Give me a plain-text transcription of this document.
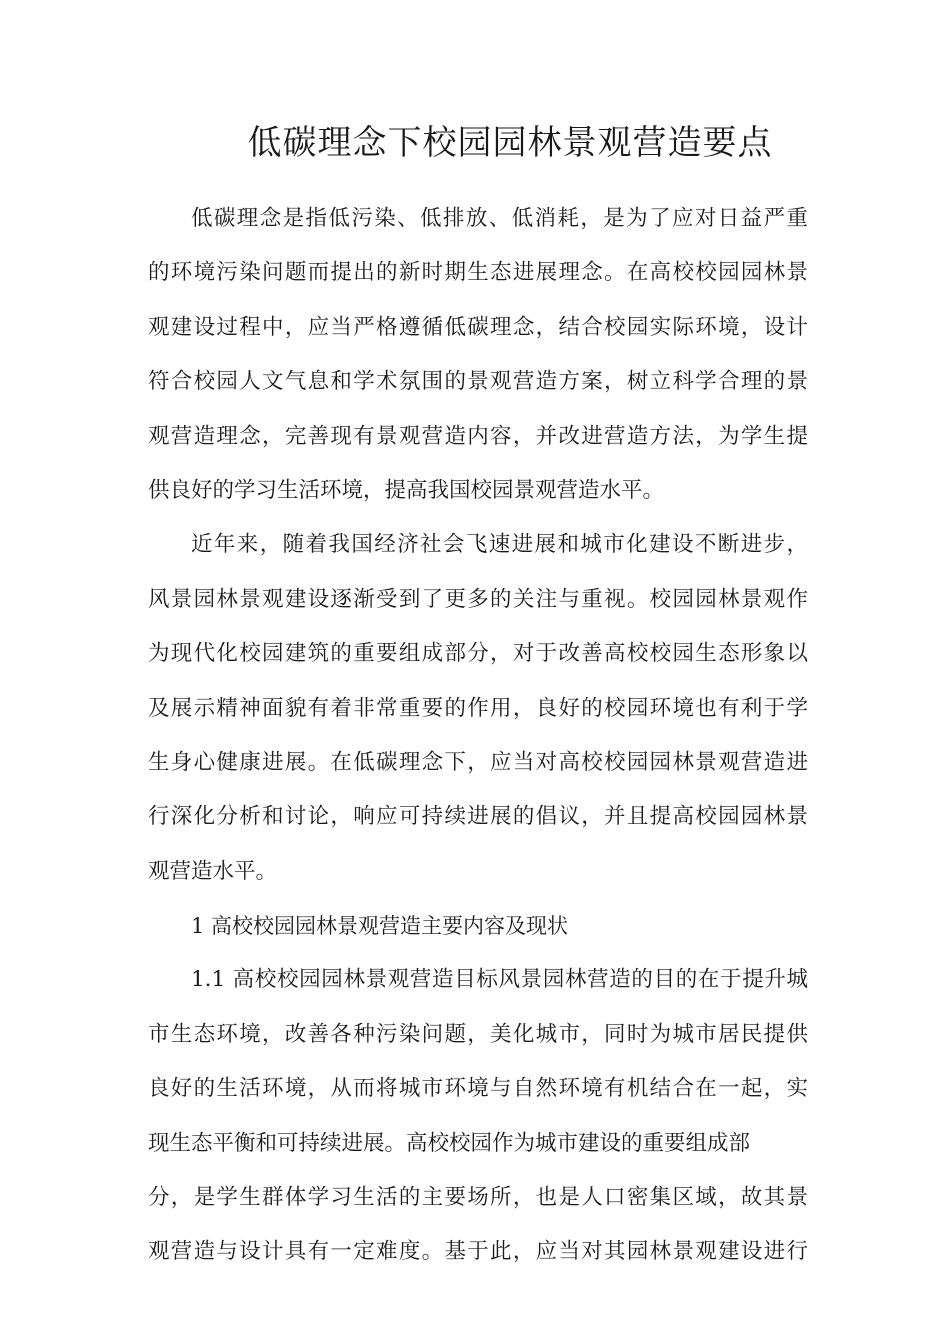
低碳理念下校园园林景观营造要点
低碳理念是指低污染、低排放、低消耗，是为了应对日益严重
的环境污染问题而提出的新时期生态进展理念。在高校校园园林景
观建设过程中，应当严格遵循低碳理念，结合校园实际环境，设计
符合校园人文气息和学术氛围的景观营造方案，树立科学合理的景
观营造理念，完善现有景观营造内容，并改进营造方法，为学生提
供良好的学习生活环境，提高我国校园景观营造水平。
近年来，随着我国经济社会飞速进展和城市化建设不断进步，
风景园林景观建设逐渐受到了更多的关注与重视。校园园林景观作
为现代化校园建筑的重要组成部分，对于改善高校校园生态形象以
及展示精神面貌有着非常重要的作用，良好的校园环境也有利于学
生身心健康进展。在低碳理念下，应当对高校校园园林景观营造进
行深化分析和讨论，响应可持续进展的倡议，并且提高校园园林景
观营造水平。
1 高校校园园林景观营造主要内容及现状
1.1 高校校园园林景观营造目标风景园林营造的目的在于提升城
市生态环境，改善各种污染问题，美化城市，同时为城市居民提供
良好的生活环境，从而将城市环境与自然环境有机结合在一起，实
现生态平衡和可持续进展。高校校园作为城市建设的重要组成部
分，是学生群体学习生活的主要场所，也是人口密集区域，故其景
观营造与设计具有一定难度。基于此，应当对其园林景观建设进行
